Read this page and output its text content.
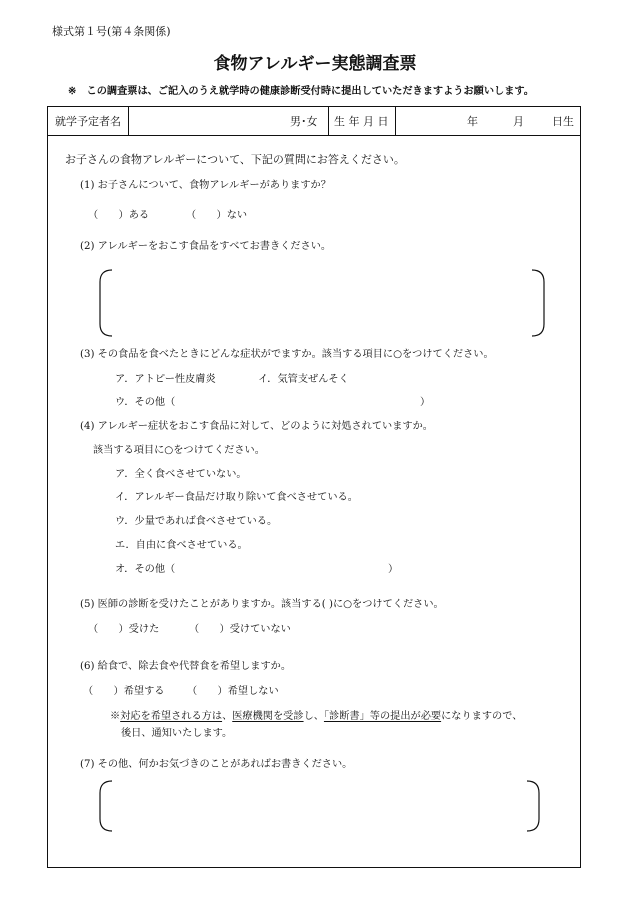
様式第１号(第４条関係)
食物アレルギー実態調査票
※ この調査票は、ご記入のうえ就学時の健康診断受付時に提出していただきますようお願いします。
就学予定者名	男･女 生 年 月 日	年	月	日生
お子さんの食物アレルギーについて、下記の質問にお答えください。
(1) お子さんについて、食物アレルギーがありますか？
（　　）ある	（　　）ない
(2) アレルギーをおこす食品をすべてお書きください。
(3) その食品を食べたときにどんな症状がでますか。該当する項目に○をつけてください。
ア．アトピー性皮膚炎	イ．気管支ぜんそく
ウ．その他（	）
(4) アレルギー症状をおこす食品に対して、どのように対処されていますか。
該当する項目に○をつけてください。
ア．全く食べさせていない。
イ．アレルギー食品だけ取り除いて食べさせている。
ウ．少量であれば食べさせている。
エ．自由に食べさせている。
オ．その他（	）
(5) 医師の診断を受けたことがありますか。該当する( )に○をつけてください。
（　　）受けた	（　　）受けていない
(6) 給食で、除去食や代替食を希望しますか。
（　　）希望する （　　）希望しない
※対応を希望される方は、医療機関を受診し、「診断書」等の提出が必要になりますので、
後日、通知いたします。
(7) その他、何かお気づきのことがあればお書きください。
